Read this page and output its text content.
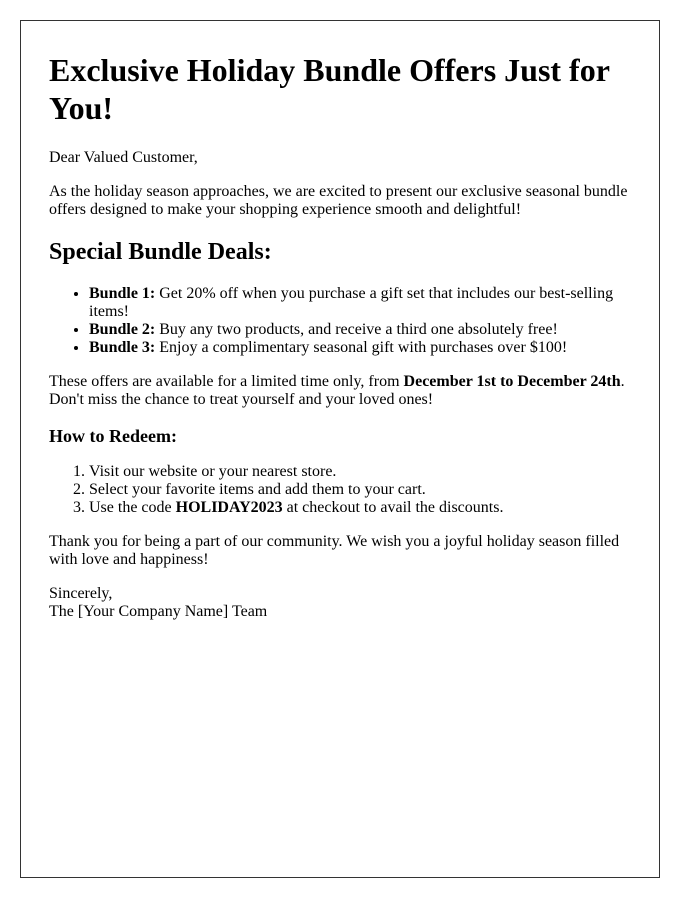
Exclusive Holiday Bundle Offers Just for You!

Dear Valued Customer,

As the holiday season approaches, we are excited to present our exclusive seasonal bundle offers designed to make your shopping experience smooth and delightful!

Special Bundle Deals:
• Bundle 1: Get 20% off when you purchase a gift set that includes our best-selling items!
• Bundle 2: Buy any two products, and receive a third one absolutely free!
• Bundle 3: Enjoy a complimentary seasonal gift with purchases over $100!

These offers are available for a limited time only, from December 1st to December 24th. Don't miss the chance to treat yourself and your loved ones!

How to Redeem:
1. Visit our website or your nearest store.
2. Select your favorite items and add them to your cart.
3. Use the code HOLIDAY2023 at checkout to avail the discounts.

Thank you for being a part of our community. We wish you a joyful holiday season filled with love and happiness!

Sincerely,
The [Your Company Name] Team
